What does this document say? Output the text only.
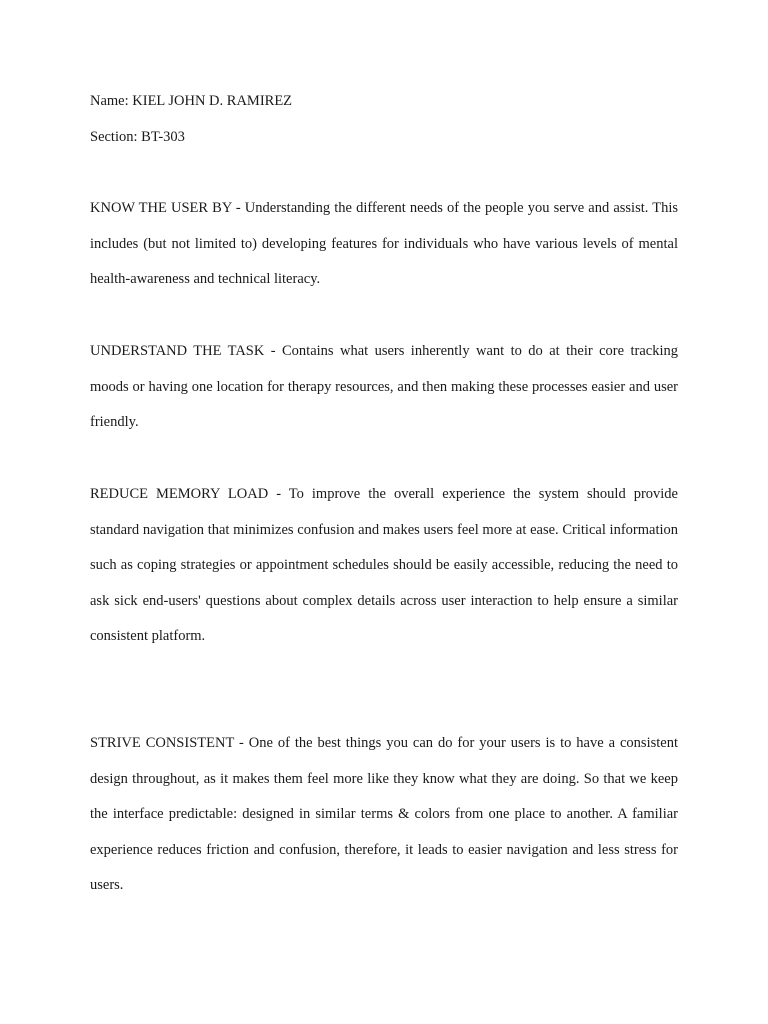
Name: KIEL JOHN D. RAMIREZ
Section: BT-303

KNOW THE USER BY - Understanding the different needs of the people you serve and assist. This includes (but not limited to) developing features for individuals who have various levels of mental health-awareness and technical literacy.

UNDERSTAND THE TASK - Contains what users inherently want to do at their core tracking moods or having one location for therapy resources, and then making these processes easier and user friendly.

REDUCE MEMORY LOAD - To improve the overall experience the system should provide standard navigation that minimizes confusion and makes users feel more at ease. Critical information such as coping strategies or appointment schedules should be easily accessible, reducing the need to ask sick end-users' questions about complex details across user interaction to help ensure a similar consistent platform.

STRIVE CONSISTENT - One of the best things you can do for your users is to have a consistent design throughout, as it makes them feel more like they know what they are doing. So that we keep the interface predictable: designed in similar terms & colors from one place to another. A familiar experience reduces friction and confusion, therefore, it leads to easier navigation and less stress for users.
